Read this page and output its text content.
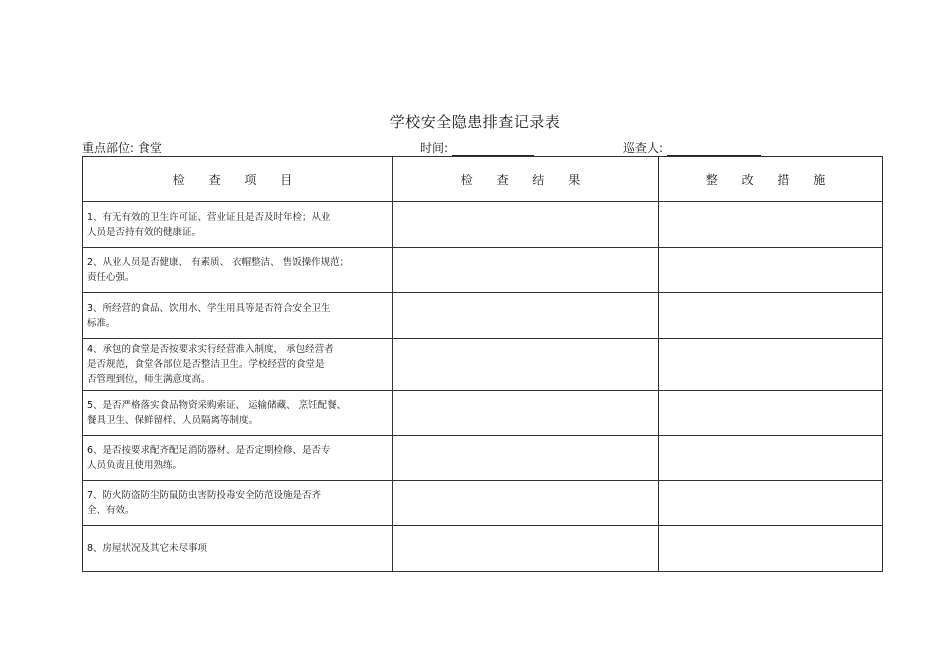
学校安全隐患排查记录表
重点部位: 食堂	时间:	巡查人:
检 查 项 目	检 查 结 果	整 改 措 施

1、有无有效的卫生许可证、营业证且是否及时年检；从业
人员是否持有效的健康证。		

2、从业人员是否健康、 有素质、 衣帽整洁、 售饭操作规范；
责任心强。		

3、所经营的食品、饮用水、学生用具等是否符合安全卫生
标准。		

4、承包的食堂是否按要求实行经营准入制度， 承包经营者
是否规范，食堂各部位是否整洁卫生。学校经营的食堂是
否管理到位，师生满意度高。		

5、是否严格落实食品物资采购索证、 运输储藏、 烹饪配餐、
餐具卫生、保鲜留样、人员隔离等制度。		

6、是否按要求配齐配足消防器材、是否定期检修、是否专
人员负责且使用熟练。		

7、防火防盗防尘防鼠防虫害防投毒安全防范设施是否齐
全、有效。		

8、房屋状况及其它未尽事项		
